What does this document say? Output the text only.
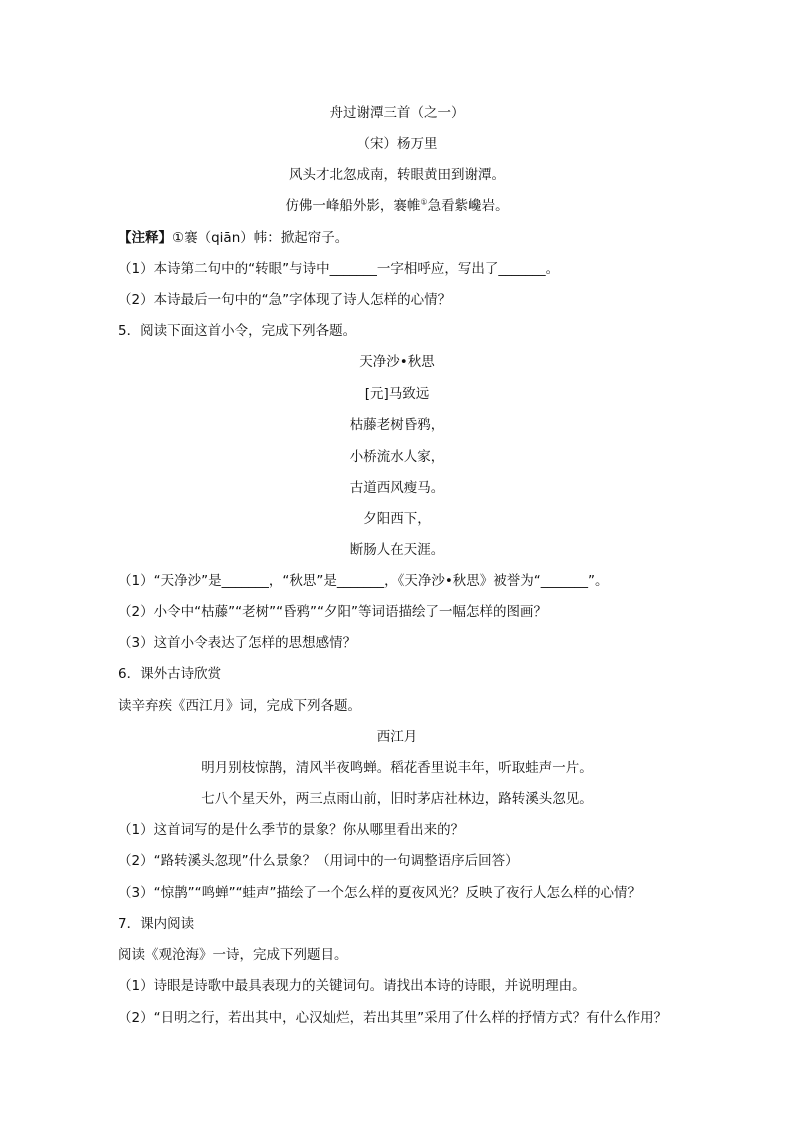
舟过谢潭三首（之一）
（宋）杨万里
风头才北忽成南，转眼黄田到谢潭。
仿佛一峰船外影，褰帷①急看紫巉岩。
【注释】①褰（qiān）帏：掀起帘子。
（1）本诗第二句中的“转眼”与诗中_______一字相呼应，写出了_______。
（2）本诗最后一句中的“急”字体现了诗人怎样的心情？
5．阅读下面这首小令，完成下列各题。
天净沙•秋思
[元]马致远
枯藤老树昏鸦，
小桥流水人家，
古道西风瘦马。
夕阳西下，
断肠人在天涯。
（1）“天净沙”是_______，“秋思”是_______，《天净沙•秋思》被誉为“_______”。
（2）小令中“枯藤”“老树”“昏鸦”“夕阳”等词语描绘了一幅怎样的图画？
（3）这首小令表达了怎样的思想感情？
6．课外古诗欣赏
读辛弃疾《西江月》词，完成下列各题。
西江月
明月别枝惊鹊，清风半夜鸣蝉。稻花香里说丰年，听取蛙声一片。
七八个星天外，两三点雨山前，旧时茅店社林边，路转溪头忽见。
（1）这首词写的是什么季节的景象？你从哪里看出来的？
（2）“路转溪头忽现”什么景象？（用词中的一句调整语序后回答）
（3）“惊鹊”“鸣蝉”“蛙声”描绘了一个怎么样的夏夜风光？反映了夜行人怎么样的心情？
7．课内阅读
阅读《观沧海》一诗，完成下列题目。
（1）诗眼是诗歌中最具表现力的关键词句。请找出本诗的诗眼，并说明理由。
（2）“日明之行，若出其中，心汉灿烂，若出其里”采用了什么样的抒情方式？有什么作用？
